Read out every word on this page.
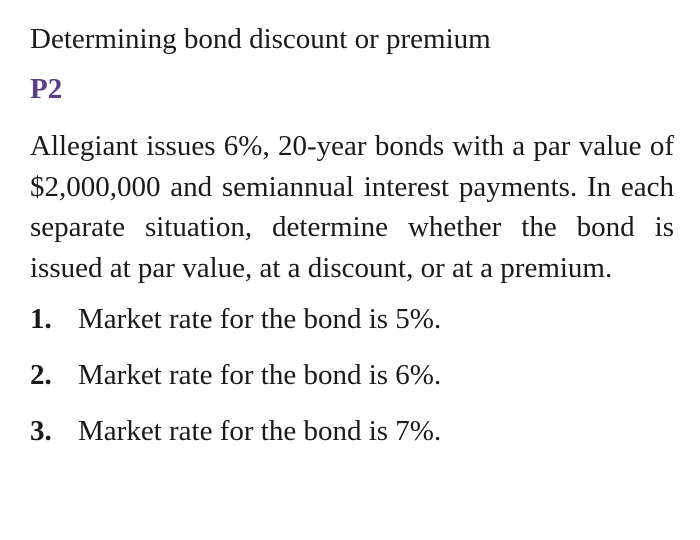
Determining bond discount or premium
P2

Allegiant issues 6%, 20-year bonds with a par value of $2,000,000 and semiannual interest payments. In each separate situation, determine whether the bond is issued at par value, at a discount, or at a premium.

1. Market rate for the bond is 5%.
2. Market rate for the bond is 6%.
3. Market rate for the bond is 7%.
